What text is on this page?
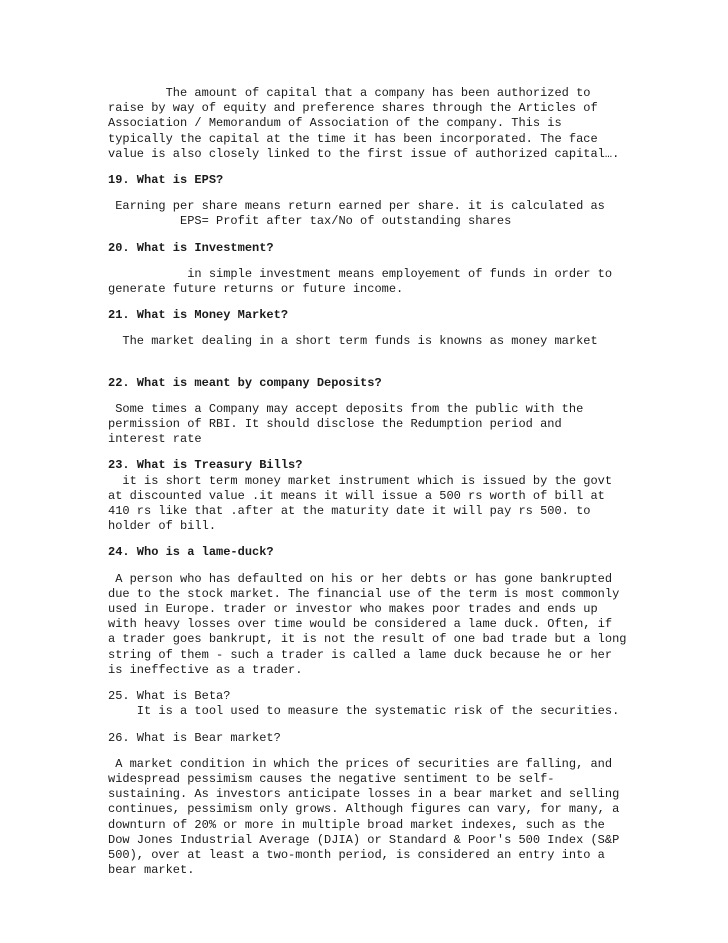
The amount of capital that a company has been authorized to

raise by way of equity and preference shares through the Articles of

Association / Memorandum of Association of the company. This is

typically the capital at the time it has been incorporated. The face

value is also closely linked to the first issue of authorized capital….

19. What is EPS?

Earning per share means return earned per share. it is calculated as

EPS= Profit after tax/No of outstanding shares

20. What is Investment?

in simple investment means employement of funds in order to

generate future returns or future income.

21. What is Money Market?

The market dealing in a short term funds is knowns as money market

22. What is meant by company Deposits?

Some times a Company may accept deposits from the public with the

permission of RBI. It should disclose the Redumption period and

interest rate

23. What is Treasury Bills?

it is short term money market instrument which is issued by the govt

at discounted value .it means it will issue a 500 rs worth of bill at

410 rs like that .after at the maturity date it will pay rs 500. to

holder of bill.

24. Who is a lame-duck?

A person who has defaulted on his or her debts or has gone bankrupted

due to the stock market. The financial use of the term is most commonly

used in Europe. trader or investor who makes poor trades and ends up

with heavy losses over time would be considered a lame duck. Often, if

a trader goes bankrupt, it is not the result of one bad trade but a long

string of them - such a trader is called a lame duck because he or her

is ineffective as a trader.

25. What is Beta?

It is a tool used to measure the systematic risk of the securities.

26. What is Bear market?

A market condition in which the prices of securities are falling, and

widespread pessimism causes the negative sentiment to be self-

sustaining. As investors anticipate losses in a bear market and selling

continues, pessimism only grows. Although figures can vary, for many, a

downturn of 20% or more in multiple broad market indexes, such as the

Dow Jones Industrial Average (DJIA) or Standard & Poor's 500 Index (S&P

500), over at least a two-month period, is considered an entry into a

bear market.
